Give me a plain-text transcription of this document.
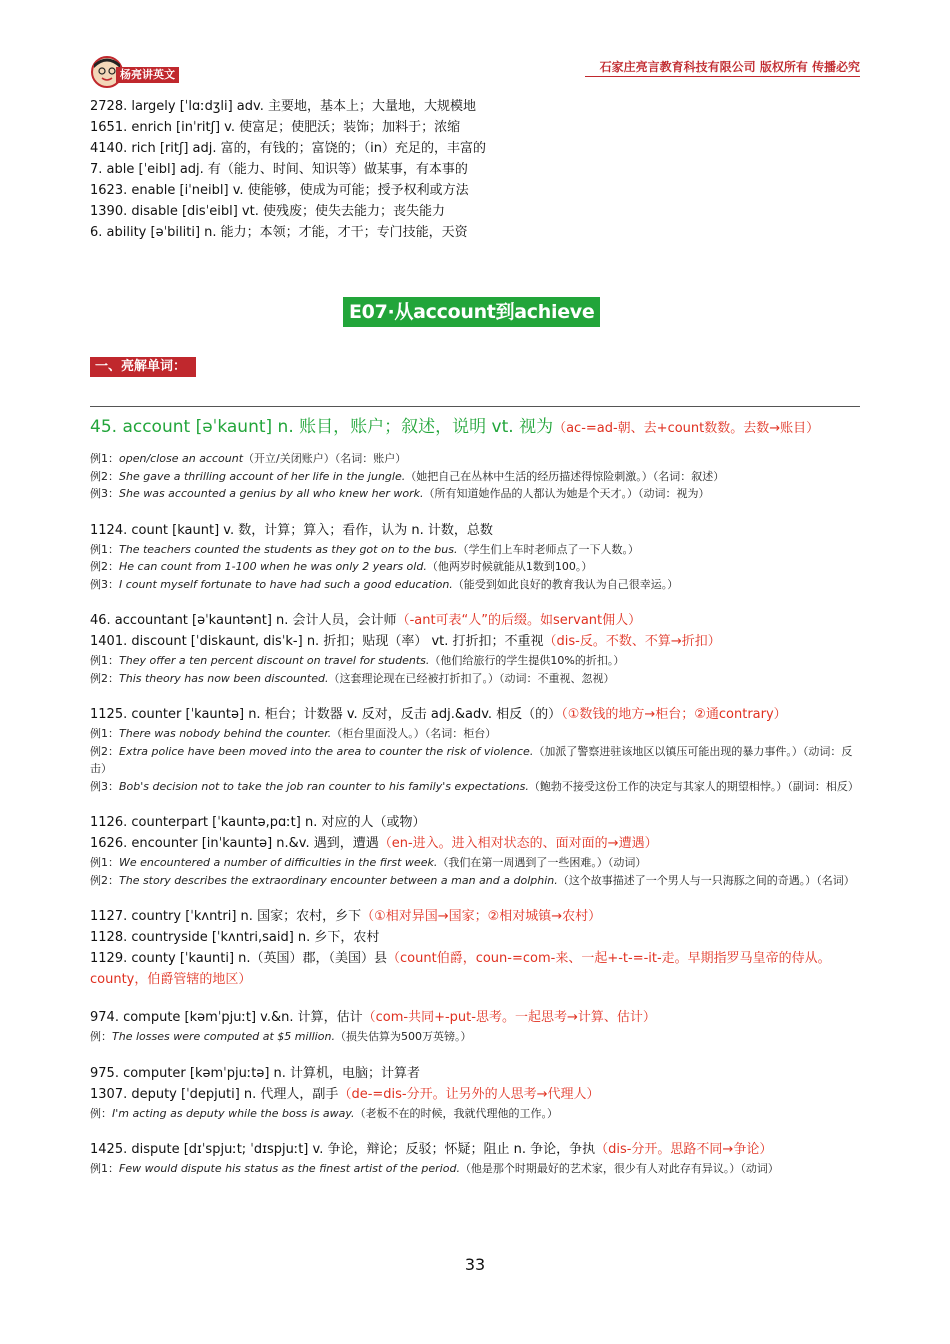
杨亮讲英文
石家庄亮言教育科技有限公司 版权所有 传播必究
2728. largely [ˈlɑːdʒli] adv. 主要地，基本上；大量地，大规模地
1651. enrich [inˈritʃ] v. 使富足；使肥沃；装饰；加料于；浓缩
4140. rich [ritʃ] adj. 富的，有钱的；富饶的；（in）充足的，丰富的
7. able [ˈeibl] adj. 有（能力、时间、知识等）做某事，有本事的
1623. enable [iˈneibl] v. 使能够，使成为可能；授予权利或方法
1390. disable [disˈeibl] vt. 使残废；使失去能力；丧失能力
6. ability [əˈbiliti] n. 能力；本领；才能，才干；专门技能，天资
E07·从account到achieve
一、亮解单词：
45. account [əˈkaunt] n. 账目，账户；叙述，说明 vt. 视为（ac-=ad-朝、去+count数数。去数→账目）
例1：open/close an account（开立/关闭账户）（名词：账户）
例2：She gave a thrilling account of her life in the jungle.（她把自己在丛林中生活的经历描述得惊险刺激。）（名词：叙述）
例3：She was accounted a genius by all who knew her work.（所有知道她作品的人都认为她是个天才。）（动词：视为）
1124. count [kaunt] v. 数，计算；算入；看作，认为 n. 计数，总数
例1：The teachers counted the students as they got on to the bus.（学生们上车时老师点了一下人数。）
例2：He can count from 1-100 when he was only 2 years old.（他两岁时候就能从1数到100。）
例3：I count myself fortunate to have had such a good education.（能受到如此良好的教育我认为自己很幸运。）
46. accountant [əˈkauntənt] n. 会计人员，会计师（-ant可表“人”的后缀。如servant佣人）
1401. discount [ˈdiskaunt, disˈk-] n. 折扣；贴现（率） vt. 打折扣；不重视（dis-反。不数、不算→折扣）
例1：They offer a ten percent discount on travel for students.（他们给旅行的学生提供10%的折扣。）
例2：This theory has now been discounted.（这套理论现在已经被打折扣了。）（动词：不重视、忽视）
1125. counter [ˈkauntə] n. 柜台；计数器 v. 反对，反击 adj.&adv. 相反（的）（①数钱的地方→柜台；②通contrary）
例1：There was nobody behind the counter.（柜台里面没人。）（名词：柜台）
例2：Extra police have been moved into the area to counter the risk of violence.（加派了警察进驻该地区以镇压可能出现的暴力事件。）（动词：反击）
例3：Bob's decision not to take the job ran counter to his family's expectations.（鲍勃不接受这份工作的决定与其家人的期望相悖。）（副词：相反）
1126. counterpart [ˈkauntə,pɑːt] n. 对应的人（或物）
1626. encounter [inˈkauntə] n.&v. 遇到，遭遇（en-进入。进入相对状态的、面对面的→遭遇）
例1：We encountered a number of difficulties in the first week.（我们在第一周遇到了一些困难。）（动词）
例2：The story describes the extraordinary encounter between a man and a dolphin.（这个故事描述了一个男人与一只海豚之间的奇遇。）（名词）
1127. country [ˈkʌntri] n. 国家；农村，乡下（①相对异国→国家；②相对城镇→农村）
1128. countryside [ˈkʌntri,said] n. 乡下，农村
1129. county [ˈkaunti] n.（英国）郡，（美国）县（count伯爵，coun-=com-来、一起+-t-=-it-走。早期指罗马皇帝的侍从。county，伯爵管辖的地区）
974. compute [kəmˈpjuːt] v.&n. 计算，估计（com-共同+-put-思考。一起思考→计算、估计）
例：The losses were computed at $5 million.（损失估算为500万英镑。）
975. computer [kəmˈpjuːtə] n. 计算机，电脑；计算者
1307. deputy [ˈdepjuti] n. 代理人，副手（de-=dis-分开。让另外的人思考→代理人）
例：I'm acting as deputy while the boss is away.（老板不在的时候，我就代理他的工作。）
1425. dispute [dɪˈspjuːt; ˈdɪspjuːt] v. 争论，辩论；反驳；怀疑；阻止 n. 争论，争执（dis-分开。思路不同→争论）
例1：Few would dispute his status as the finest artist of the period.（他是那个时期最好的艺术家，很少有人对此存有异议。）（动词）
33
